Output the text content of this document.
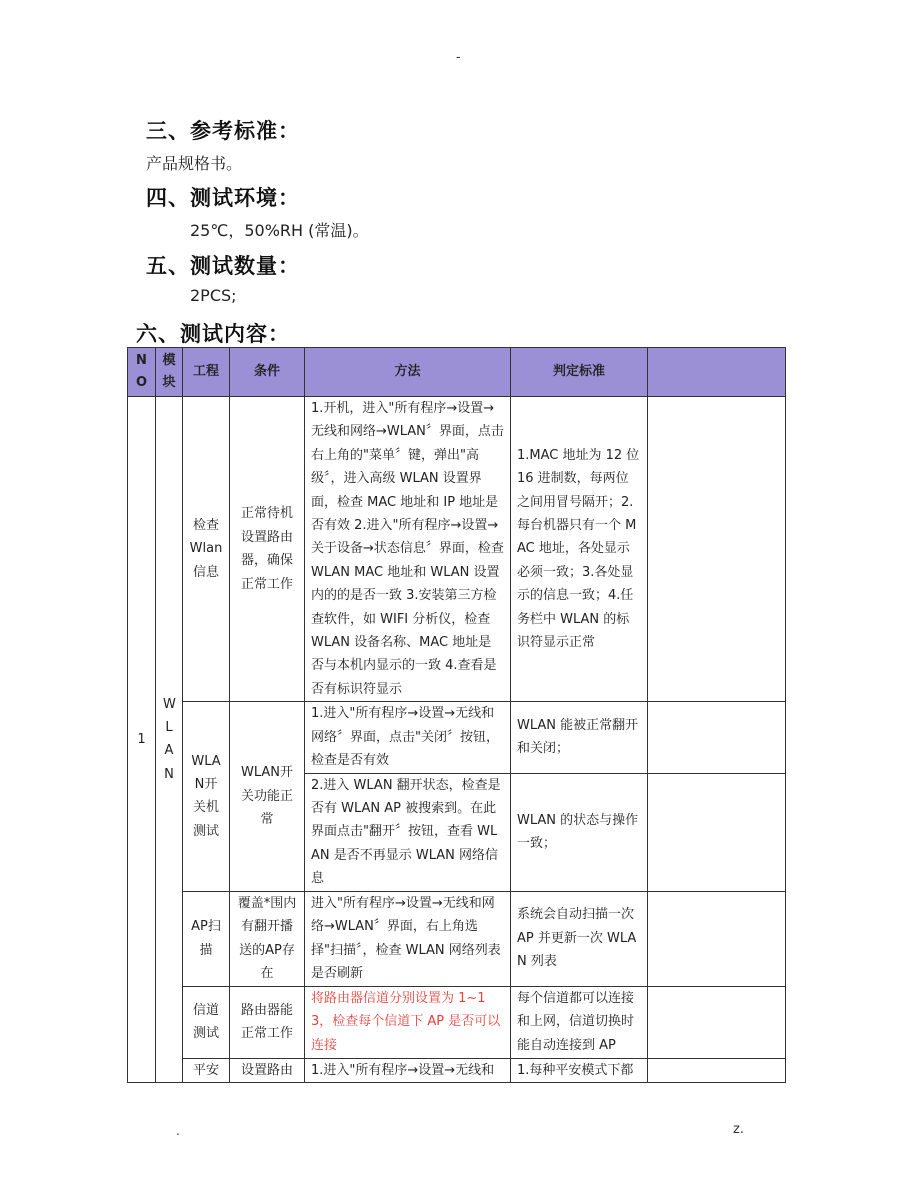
-
三、参考标准：
产品规格书。
四、测试环境：
25℃，50%RH (常温)。
五、测试数量：
2PCS;
六、测试内容：
N O	模块	工程	条件	方法	判定标准	
1	W L A N	检查Wlan信息	正常待机设置路由器，确保正常工作	1.开机，进入"所有程序→设置→无线和网络→WLAN〞界面，点击右上角的"菜单〞键，弹出"高级〞，进入高级 WLAN 设置界面，检查 MAC 地址和 IP 地址是否有效 2.进入"所有程序→设置→关于设备→状态信息〞界面，检查 WLAN MAC 地址和 WLAN 设置内的的是否一致 3.安装第三方检查软件，如 WIFI 分析仪，检查 WLAN 设备名称、MAC 地址是否与本机内显示的一致 4.查看是否有标识符显示	1.MAC 地址为 12 位 16 进制数，每两位之间用冒号隔开；2.每台机器只有一个 MAC 地址，各处显示必须一致；3.各处显示的信息一致；4.任务栏中 WLAN 的标识符显示正常	
		WLAN开关机测试	WLAN开关功能正常	1.进入"所有程序→设置→无线和网络〞界面，点击"关闭〞按钮，检查是否有效	WLAN 能被正常翻开和关闭；	
				2.进入 WLAN 翻开状态，检查是否有 WLAN AP 被搜索到。在此界面点击"翻开〞按钮，查看 WLAN 是否不再显示 WLAN 网络信息	WLAN 的状态与操作一致；	
		AP扫描	覆盖*围内有翻开播送的AP存在	进入"所有程序→设置→无线和网络→WLAN〞界面，右上角选择"扫描〞，检查 WLAN 网络列表是否刷新	系统会自动扫描一次 AP 并更新一次 WLAN 列表	
		信道测试	路由器能正常工作	将路由器信道分别设置为 1~13，检查每个信道下 AP 是否可以连接	每个信道都可以连接和上网，信道切换时能自动连接到 AP	
		平安	设置路由	1.进入"所有程序→设置→无线和	1.每种平安模式下都	
.	z.
